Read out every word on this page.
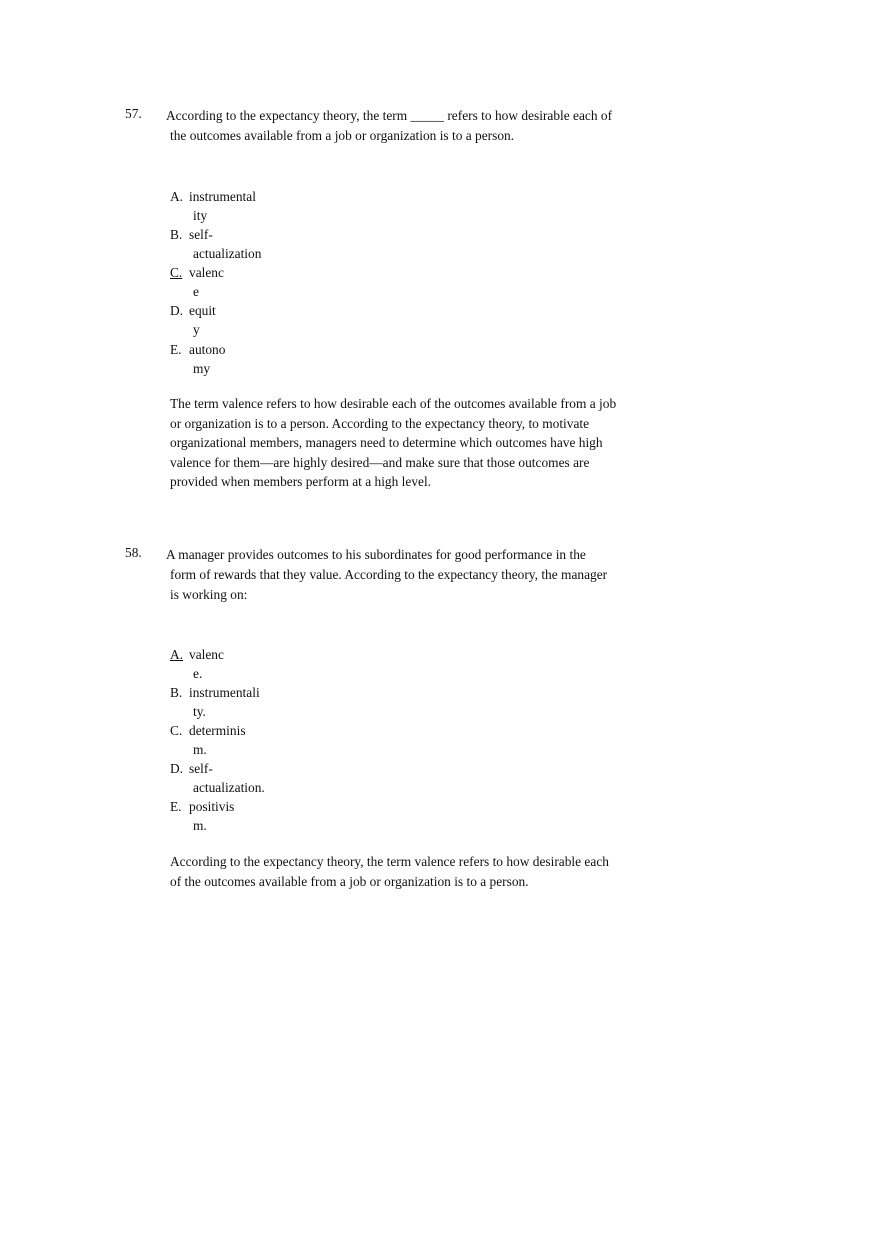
57. According to the expectancy theory, the term _____ refers to how desirable each of
the outcomes available from a job or organization is to a person.
A. instrumental
ity
B. self-
actualization
C. valenc
e
D. equit
y
E. autono
my
The term valence refers to how desirable each of the outcomes available from a job
or organization is to a person. According to the expectancy theory, to motivate
organizational members, managers need to determine which outcomes have high
valence for them—are highly desired—and make sure that those outcomes are
provided when members perform at a high level.
58. A manager provides outcomes to his subordinates for good performance in the
form of rewards that they value. According to the expectancy theory, the manager
is working on:
A. valenc
e.
B. instrumentali
ty.
C. determinis
m.
D. self-
actualization.
E. positivis
m.
According to the expectancy theory, the term valence refers to how desirable each
of the outcomes available from a job or organization is to a person.
